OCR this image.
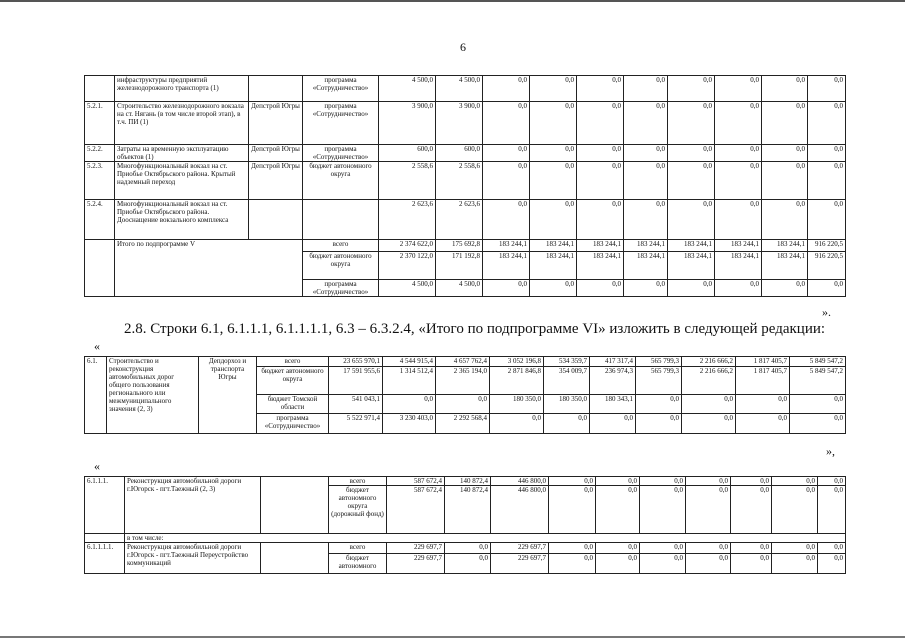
6
	инфраструктуры предприятий железнодорожного транспорта (1)		программа «Сотрудничество»	4 500,0	4 500,0	0,0	0,0	0,0	0,0	0,0	0,0	0,0	0,0
5.2.1.	Строительство железнодорожного вокзала на ст. Нягань (в том числе второй этап), в т.ч. ПИ (1)	Депстрой Югры	программа «Сотрудничество»	3 900,0	3 900,0	0,0	0,0	0,0	0,0	0,0	0,0	0,0	0,0
5.2.2.	Затраты на временную эксплуатацию объектов (1)	Депстрой Югры	программа «Сотрудничество»	600,0	600,0	0,0	0,0	0,0	0,0	0,0	0,0	0,0	0,0
5.2.3.	Многофункциональный вокзал на ст. Приобье Октябрьского района. Крытый надземный переход	Депстрой Югры	бюджет автономного округа	2 558,6	2 558,6	0,0	0,0	0,0	0,0	0,0	0,0	0,0	0,0
5.2.4.	Многофункциональный вокзал на ст. Приобье Октябрьского района. Дооснащение вокзального комплекса			2 623,6	2 623,6	0,0	0,0	0,0	0,0	0,0	0,0	0,0	0,0
	Итого по подпрограмме V		всего	2 374 622,0	175 692,8	183 244,1	183 244,1	183 244,1	183 244,1	183 244,1	183 244,1	183 244,1	916 220,5
			бюджет автономного округа	2 370 122,0	171 192,8	183 244,1	183 244,1	183 244,1	183 244,1	183 244,1	183 244,1	183 244,1	916 220,5
			программа «Сотрудничество»	4 500,0	4 500,0	0,0	0,0	0,0	0,0	0,0	0,0	0,0	0,0
».
2.8. Строки 6.1, 6.1.1.1, 6.1.1.1.1, 6.3 – 6.3.2.4, «Итого по подпрограмме VI» изложить в следующей редакции:
«
6.1.	Строительство и реконструкция автомобильных дорог общего пользования регионального или межмуниципального значения (2, 3)	Депдорхоз и транспорта Югры	всего	23 655 970,1	4 544 915,4	4 657 762,4	3 052 196,8	534 359,7	417 317,4	565 799,3	2 216 666,2	1 817 405,7	5 849 547,2
			бюджет автономного округа	17 591 955,6	1 314 512,4	2 365 194,0	2 871 846,8	354 009,7	236 974,3	565 799,3	2 216 666,2	1 817 405,7	5 849 547,2
			бюджет Томской области	541 043,1	0,0	0,0	180 350,0	180 350,0	180 343,1	0,0	0,0	0,0	0,0
			программа «Сотрудничество»	5 522 971,4	3 230 403,0	2 292 568,4	0,0	0,0	0,0	0,0	0,0	0,0	0,0
»,
«
6.1.1.1.	Реконструкция автомобильной дороги г.Югорск - пгт.Таежный (2, 3)		всего	587 672,4	140 872,4	446 800,0	0,0	0,0	0,0	0,0	0,0	0,0	0,0
			бюджет автономного округа (дорожный фонд)	587 672,4	140 872,4	446 800,0	0,0	0,0	0,0	0,0	0,0	0,0	0,0
	в том числе:												
6.1.1.1.1.	Реконструкция автомобильной дороги г.Югорск - пгт.Таежный Переустройство коммуникаций		всего	229 697,7	0,0	229 697,7	0,0	0,0	0,0	0,0	0,0	0,0	0,0
			бюджет автономного	229 697,7	0,0	229 697,7	0,0	0,0	0,0	0,0	0,0	0,0	0,0
